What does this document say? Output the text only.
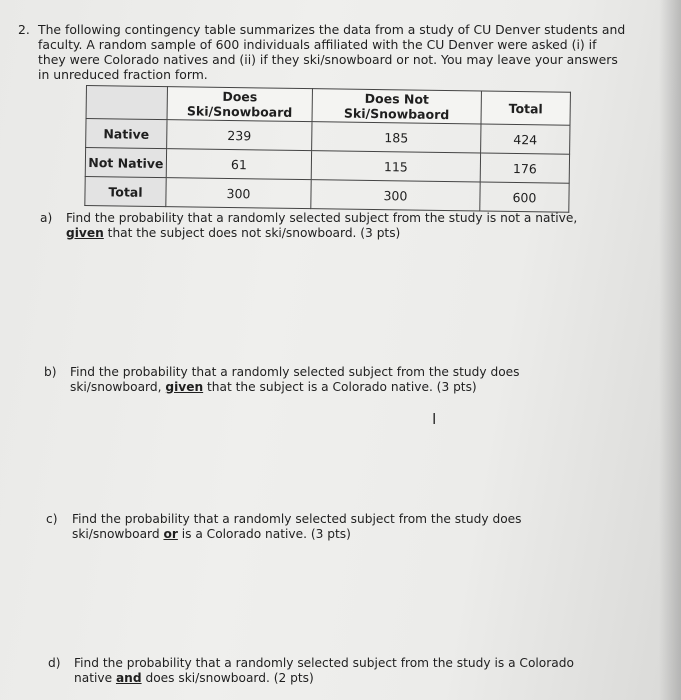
2. The following contingency table summarizes the data from a study of CU Denver students and faculty. A random sample of 600 individuals affiliated with the CU Denver were asked (i) if they were Colorado natives and (ii) if they ski/snowboard or not. You may leave your answers in unreduced fraction form.
	Does Ski/Snowboard	Does Not Ski/Snowbaord	Total
Native	239	185	424
Not Native	61	115	176
Total	300	300	600
a) Find the probability that a randomly selected subject from the study is not a native, given that the subject does not ski/snowboard. (3 pts)
b) Find the probability that a randomly selected subject from the study does ski/snowboard, given that the subject is a Colorado native. (3 pts)
I
c) Find the probability that a randomly selected subject from the study does ski/snowboard or is a Colorado native. (3 pts)
d) Find the probability that a randomly selected subject from the study is a Colorado native and does ski/snowboard. (2 pts)
